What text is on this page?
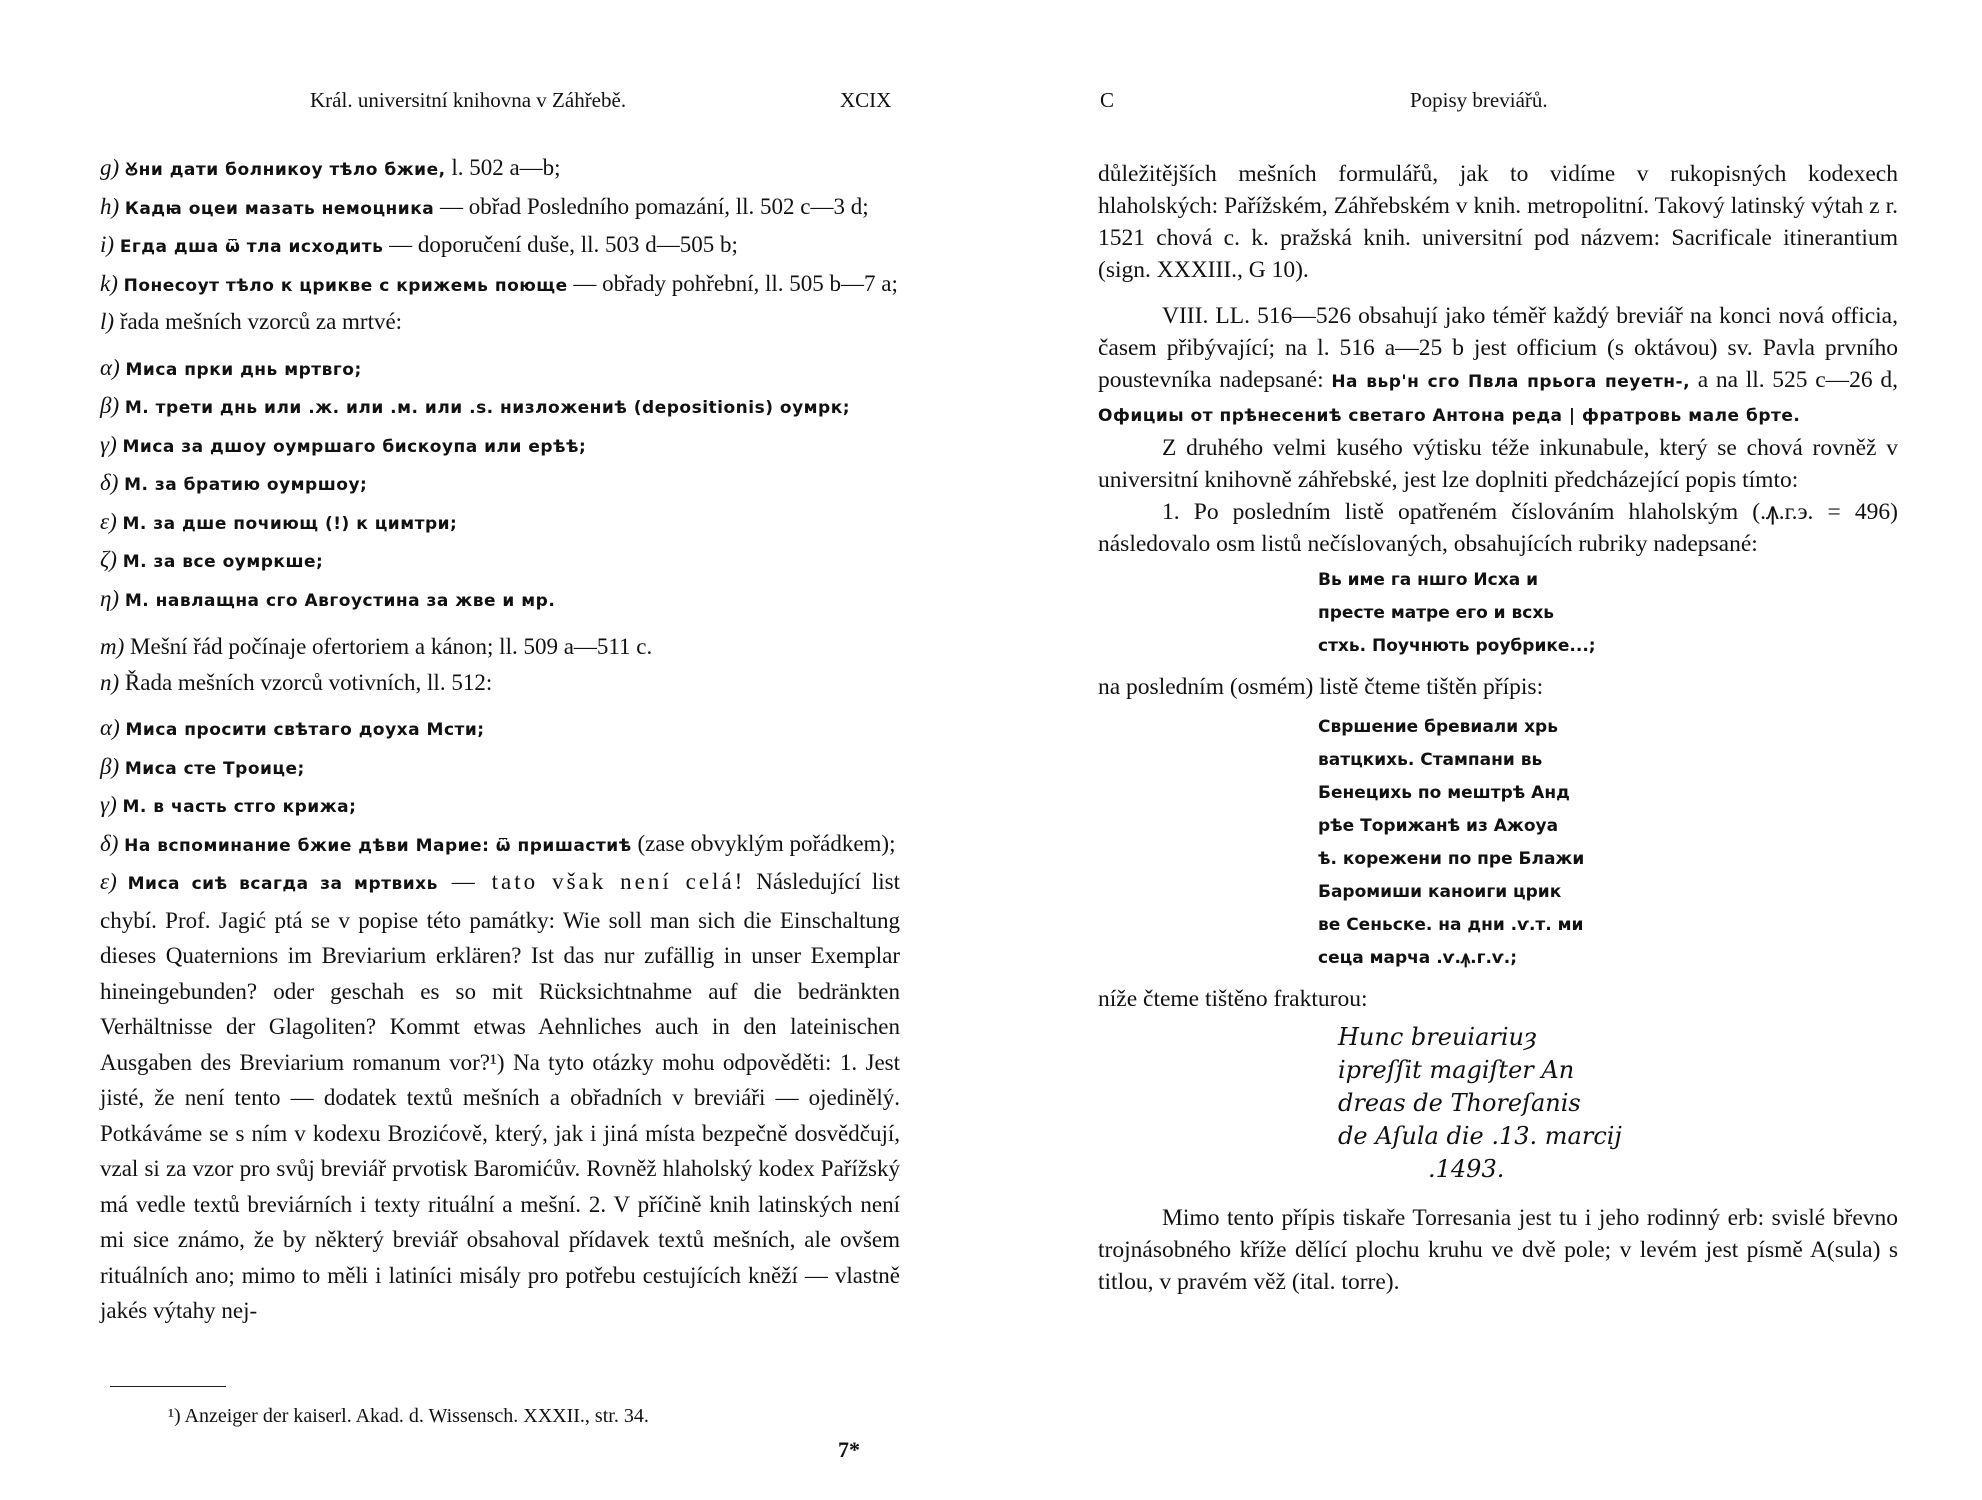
Král. universitní knihovna v Záhřebě.	XCIX

g) Ꙋни дати болникоу тѣло бжие, l. 502 a—b;

h) Кадꙗ оцеи мазать немоцника — obřad Posledního pomazání, ll. 502 c—3 d;

i) Егда дша ѿ тла исходить — doporučení duše, ll. 503 d—505 b;

k) Понесоут тѣло к црикве с крижемь поюще — obřady pohřební, ll. 505 b—7 a;

l) řada mešních vzorců za mrtvé:

α) Миса прки днь мртвго;

β) М. трети днь или .ж. или .м. или .ѕ. низложениѣ (depositionis) оумрк;

γ) Миса за дшоу оумршаго бискоупа или ерѣѣ;

δ) М. за братию оумршоу;

ε) М. за дше почиющ (!) к цимтри;

ζ) М. за все оумркше;

η) М. навлащна сго Авгоустина за жве и мр.

m) Mešní řád počínaje ofertoriem a kánon; ll. 509 a—511 c.

n) Řada mešních vzorců votivních, ll. 512:

α) Миса просити свѣтаго доуха Мсти;

β) Миса сте Троице;

γ) М. в часть стго крижа;

δ) На вспоминание бжие дѣви Марие: ѿ пришастиѣ (zase obvyklým pořádkem);

ε) Миса сиѣ всагда за мртвихь — tato však není celá! Následující list chybí. Prof. Jagić ptá se v popise této památky: Wie soll man sich die Einschaltung dieses Quaternions im Breviarium erklären? Ist das nur zufällig in unser Exemplar hineingebunden? oder geschah es so mit Rücksichtnahme auf die bedränkten Verhältnisse der Glagoliten? Kommt etwas Aehnliches auch in den lateinischen Ausgaben des Breviarium romanum vor?¹) Na tyto otázky mohu odpověděti: 1. Jest jisté, že není tento — dodatek textů mešních a obřadních v breviáři — ojedinělý. Potkáváme se s ním v kodexu Brozićově, který, jak i jiná místa bezpečně dosvědčují, vzal si za vzor pro svůj breviář prvotisk Baromićův. Rovněž hlaholský kodex Pařížský má vedle textů breviárních i texty rituální a mešní. 2. V příčině knih latinských není mi sice známo, že by některý breviář obsahoval přídavek textů mešních, ale ovšem rituálních ano; mimo to měli i latiníci misály pro potřebu cestujících kněží — vlastně jakés výtahy nej-

¹) Anzeiger der kaiserl. Akad. d. Wissensch. XXXII., str. 34.
7*
C	Popisy breviářů.

důležitějších mešních formulářů, jak to vidíme v rukopisných kodexech hlaholských: Pařížském, Záhřebském v knih. metropolitní. Takový latinský výtah z r. 1521 chová c. k. pražská knih. universitní pod názvem: Sacrificale itinerantium (sign. XXXIII., G 10).

VIII. LL. 516—526 obsahují jako téměř každý breviář na konci nová officia, časem přibývající; na l. 516 a—25 b jest officium (s oktávou) sv. Pavla prvního poustevníka nadepsané: На вьр'н сго Пвла прьога пеуетн-, a na ll. 525 c—26 d, Официы от прѣнесениѣ светаго Антона реда | фратровь мале брте.

Z druhého velmi kusého výtisku téže inkunabule, který se chová rovněž v universitní knihovně záhřebské, jest lze doplniti předcházející popis tímto:

1. Po posledním listě opatřeném číslováním hlaholským (.ꙟ.г.э. = 496) následovalo osm listů nečíslovaných, obsahujících rubriky nadepsané:

Вь име га ншго Исха и
престе матре его и всхь
стхь. Поучнють роубрике...;

na posledním (osmém) listě čteme tištěn přípis:

Свршение бревиали хрь
ватцкихь. Стампани вь
Бенецихь по мештрѣ Анд
рѣе Торижанѣ из Ажоуа
ѣ. корежени по пре Блажи
Баромиши каноиги црик
ве Сеньске. на дни .ѵ.т. ми
сеца марча .ѵ.ꙟ.г.ѵ.;

níže čteme tištěno frakturou:

Hunc breuiariuȝ
ipreſſit magiſter An
dreas de Thoreſanis
de Aſula die .13. marcij
.1493.

Mimo tento přípis tiskaře Torresania jest tu i jeho rodinný erb: svislé břevno trojnásobného kříže dělící plochu kruhu ve dvě pole; v levém jest písmě A(sula) s titlou, v pravém věž (ital. torre).
